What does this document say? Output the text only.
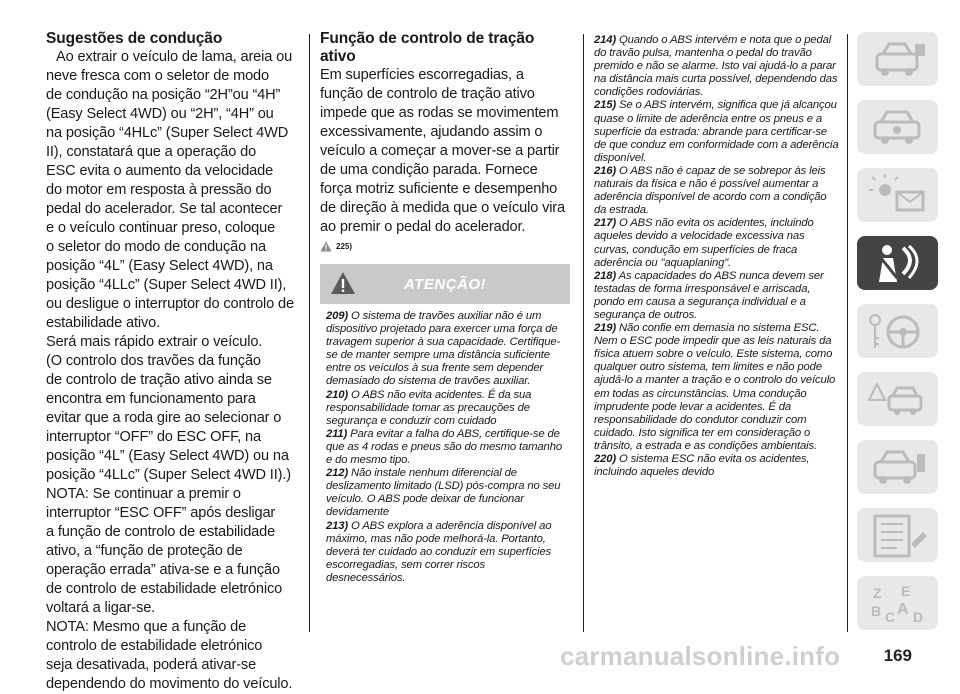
Sugestões de condução

Ao extrair o veículo de lama, areia ou

neve fresca com o seletor de modo

de condução na posição “2H”ou “4H”

(Easy Select 4WD) ou “2H”, “4H” ou

na posição “4HLc” (Super Select 4WD

II), constatará que a operação do

ESC evita o aumento da velocidade

do motor em resposta à pressão do

pedal do acelerador. Se tal acontecer

e o veículo continuar preso, coloque

o seletor do modo de condução na

posição “4L” (Easy Select 4WD), na

posição “4LLc” (Super Select 4WD II),

ou desligue o interruptor do controlo de

estabilidade ativo.

Será mais rápido extrair o veículo.

(O controlo dos travões da função

de controlo de tração ativo ainda se

encontra em funcionamento para

evitar que a roda gire ao selecionar o

interruptor “OFF” do ESC OFF, na

posição “4L” (Easy Select 4WD) ou na

posição “4LLc” (Super Select 4WD II).)

NOTA: Se continuar a premir o

interruptor “ESC OFF” após desligar

a função de controlo de estabilidade

ativo, a “função de proteção de

operação errada” ativa-se e a função

de controlo de estabilidade eletrónico

voltará a ligar-se.

NOTA: Mesmo que a função de

controlo de estabilidade eletrónico

seja desativada, poderá ativar-se

dependendo do movimento do veículo.

Função de controlo de tração ativo

Em superfícies escorregadias, a

função de controlo de tração ativo

impede que as rodas se movimentem

excessivamente, ajudando assim o

veículo a começar a mover-se a partir

de uma condição parada. Fornece

força motriz suficiente e desempenho

de direção à medida que o veículo vira

ao premir o pedal do acelerador.

225)
ATENÇÃO!

209) O sistema de travões auxiliar não é um dispositivo projetado para exercer uma força de travagem superior à sua capacidade. Certifique-se de manter sempre uma distância suficiente entre os veículos à sua frente sem depender demasiado do sistema de travões auxiliar.

210) O ABS não evita acidentes. É da sua responsabilidade tomar as precauções de segurança e conduzir com cuidado

211) Para evitar a falha do ABS, certifique-se de que as 4 rodas e pneus são do mesmo tamanho e do mesmo tipo.

212) Não instale nenhum diferencial de deslizamento limitado (LSD) pós-compra no seu veículo. O ABS pode deixar de funcionar devidamente

213) O ABS explora a aderência disponível ao máximo, mas não pode melhorá-la. Portanto, deverá ter cuidado ao conduzir em superfícies escorregadias, sem correr riscos desnecessários.

214) Quando o ABS intervém e nota que o pedal do travão pulsa, mantenha o pedal do travão premido e não se alarme. Isto vai ajudá-lo a parar na distância mais curta possível, dependendo das condições rodoviárias.

215) Se o ABS intervém, significa que já alcançou quase o limite de aderência entre os pneus e a superfície da estrada: abrande para certificar-se de que conduz em conformidade com a aderência disponível.

216) O ABS não é capaz de se sobrepor às leis naturais da física e não é possível aumentar a aderência disponível de acordo com a condição da estrada.

217) O ABS não evita os acidentes, incluindo aqueles devido a velocidade excessiva nas curvas, condução em superfícies de fraca aderência ou "aquaplaning".

218) As capacidades do ABS nunca devem ser testadas de forma irresponsável e arriscada, pondo em causa a segurança individual e a segurança de outros.

219) Não confie em demasia no sistema ESC. Nem o ESC pode impedir que as leis naturais da física atuem sobre o veículo. Este sistema, como qualquer outro sistema, tem limites e não pode ajudá-lo a manter a tração e o controlo do veículo em todas as circunstâncias. Uma condução imprudente pode levar a acidentes. É da responsabilidade do condutor conduzir com cuidado. Isto significa ter em consideração o trânsito, a estrada e as condições ambientais.

220) O sistema ESC não evita os acidentes, incluindo aqueles devido

Z E
B C A D
169
carmanualsonline.info
